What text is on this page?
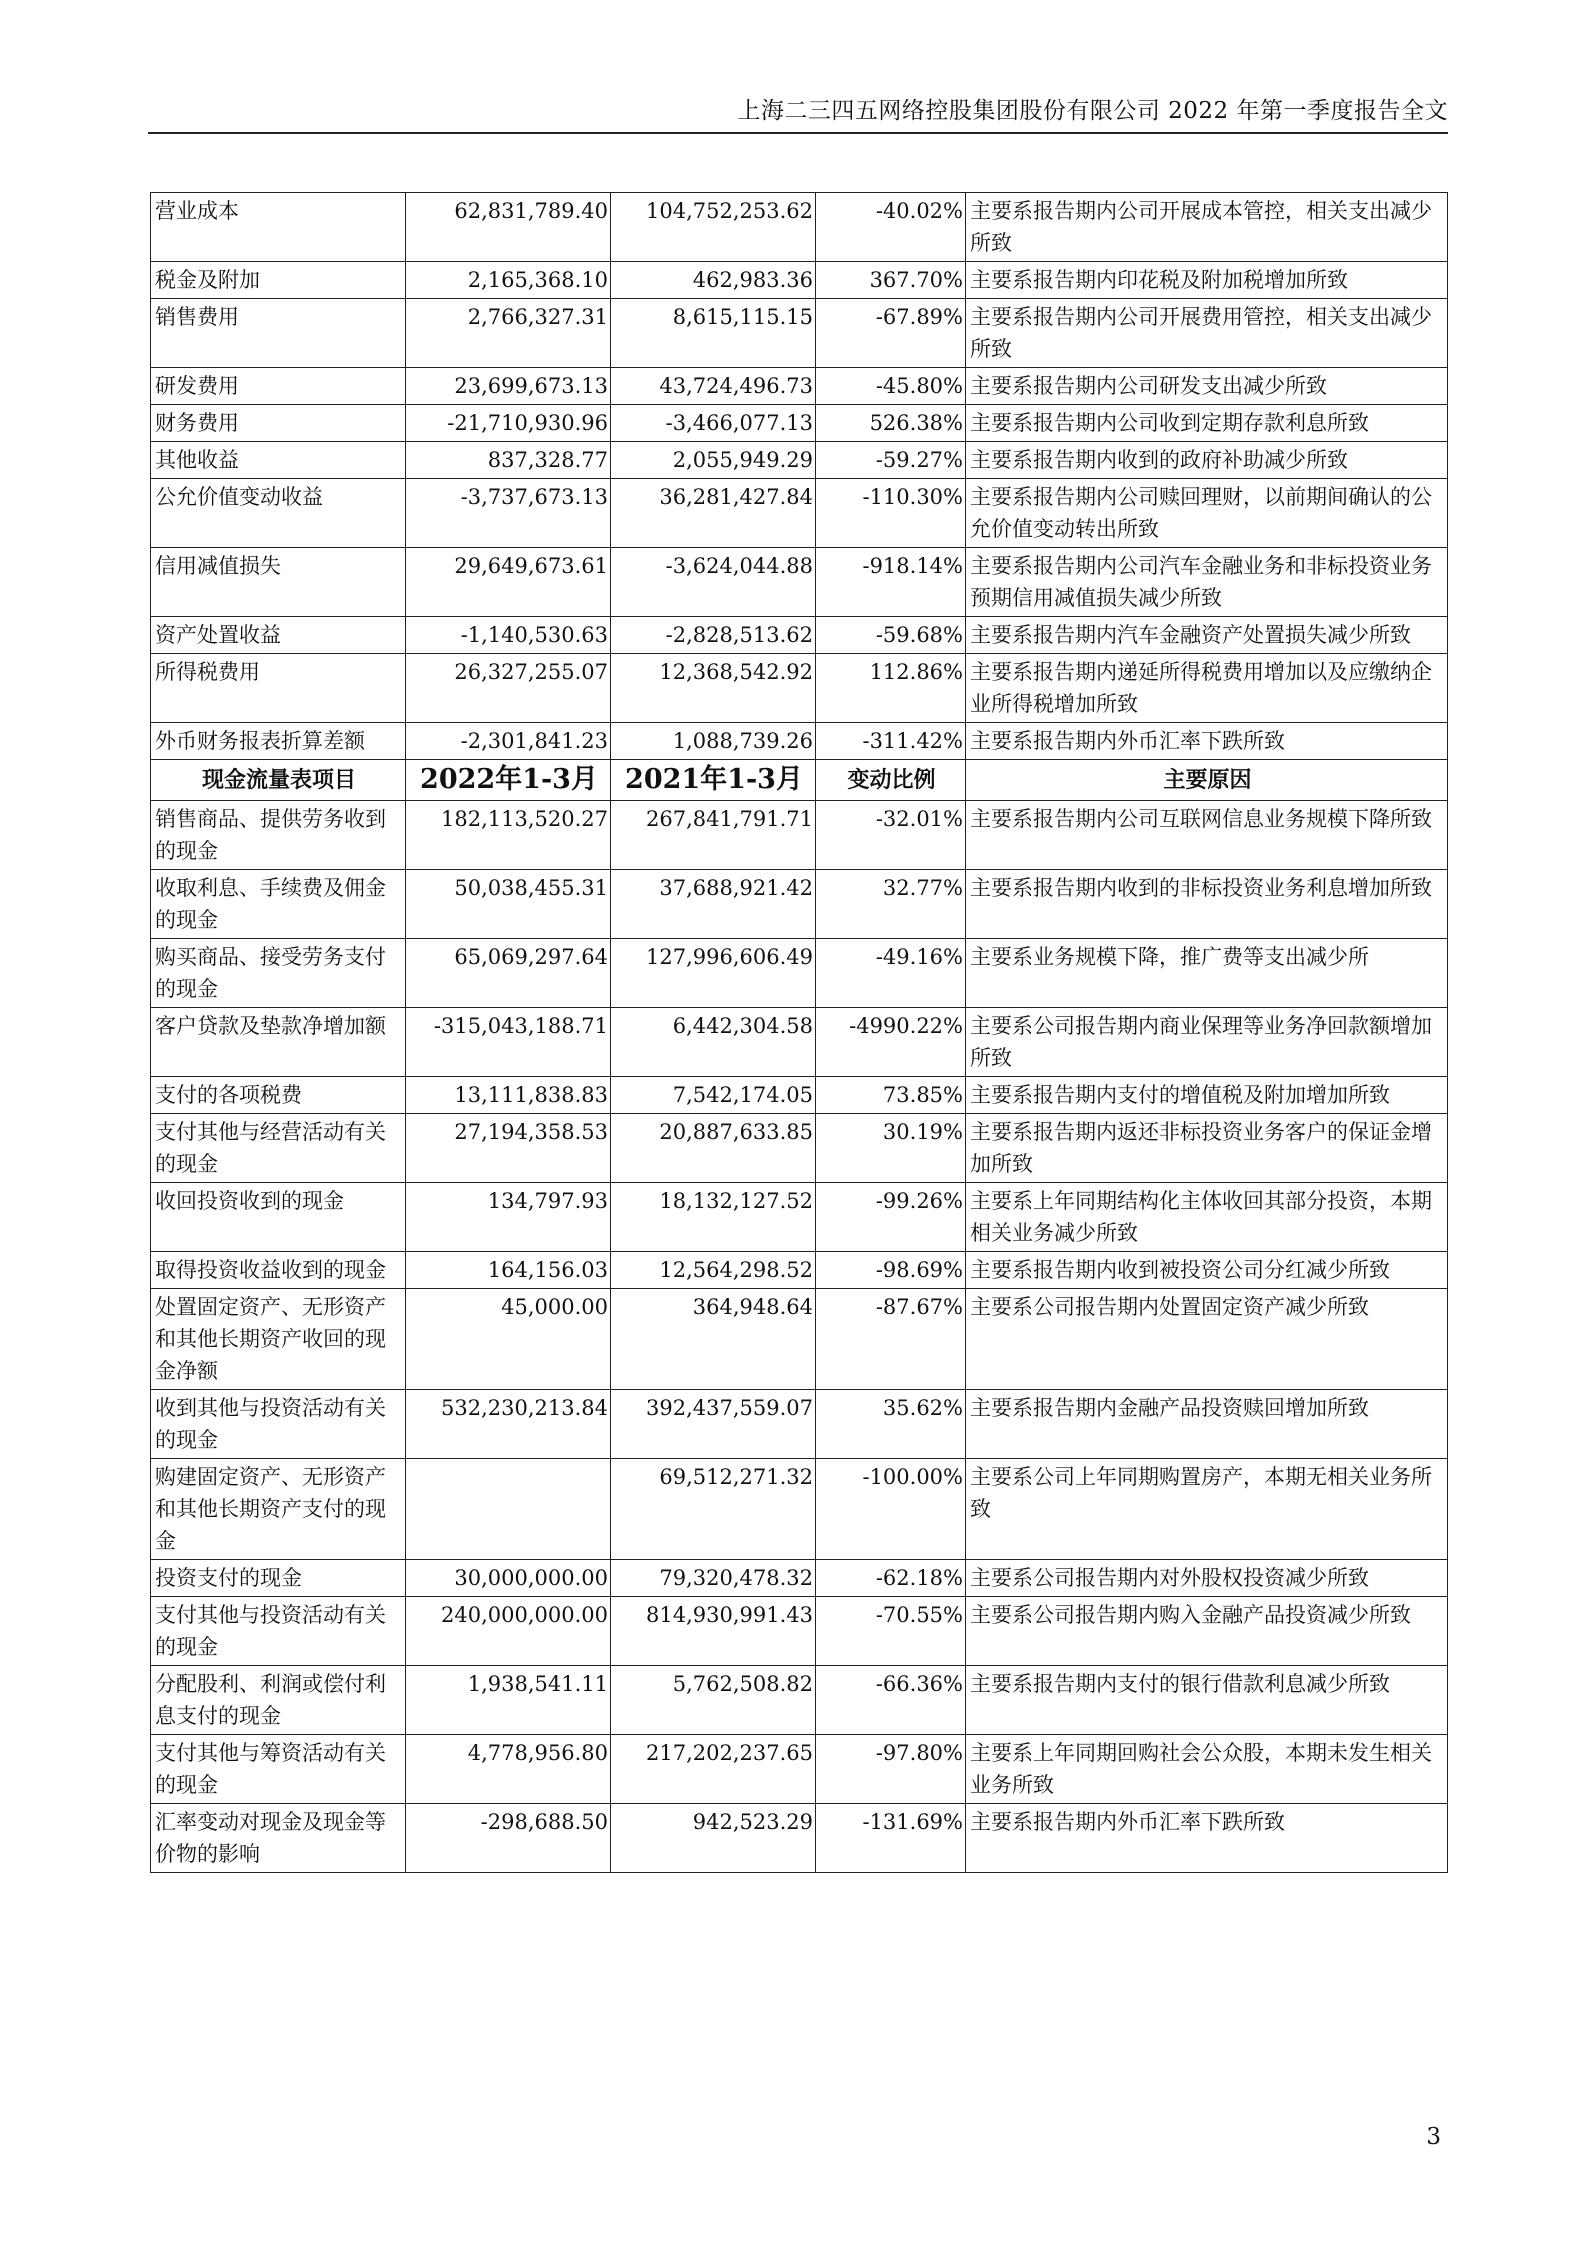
上海二三四五网络控股集团股份有限公司 2022 年第一季度报告全文
营业成本	62,831,789.40	104,752,253.62	-40.02%	主要系报告期内公司开展成本管控，相关支出减少所致
税金及附加	2,165,368.10	462,983.36	367.70%	主要系报告期内印花税及附加税增加所致
销售费用	2,766,327.31	8,615,115.15	-67.89%	主要系报告期内公司开展费用管控，相关支出减少所致
研发费用	23,699,673.13	43,724,496.73	-45.80%	主要系报告期内公司研发支出减少所致
财务费用	-21,710,930.96	-3,466,077.13	526.38%	主要系报告期内公司收到定期存款利息所致
其他收益	837,328.77	2,055,949.29	-59.27%	主要系报告期内收到的政府补助减少所致
公允价值变动收益	-3,737,673.13	36,281,427.84	-110.30%	主要系报告期内公司赎回理财，以前期间确认的公允价值变动转出所致
信用减值损失	29,649,673.61	-3,624,044.88	-918.14%	主要系报告期内公司汽车金融业务和非标投资业务预期信用减值损失减少所致
资产处置收益	-1,140,530.63	-2,828,513.62	-59.68%	主要系报告期内汽车金融资产处置损失减少所致
所得税费用	26,327,255.07	12,368,542.92	112.86%	主要系报告期内递延所得税费用增加以及应缴纳企业所得税增加所致
外币财务报表折算差额	-2,301,841.23	1,088,739.26	-311.42%	主要系报告期内外币汇率下跌所致
现金流量表项目	2022年1-3月	2021年1-3月	变动比例	主要原因
销售商品、提供劳务收到的现金	182,113,520.27	267,841,791.71	-32.01%	主要系报告期内公司互联网信息业务规模下降所致
收取利息、手续费及佣金的现金	50,038,455.31	37,688,921.42	32.77%	主要系报告期内收到的非标投资业务利息增加所致
购买商品、接受劳务支付的现金	65,069,297.64	127,996,606.49	-49.16%	主要系业务规模下降，推广费等支出减少所
客户贷款及垫款净增加额	-315,043,188.71	6,442,304.58	-4990.22%	主要系公司报告期内商业保理等业务净回款额增加所致
支付的各项税费	13,111,838.83	7,542,174.05	73.85%	主要系报告期内支付的增值税及附加增加所致
支付其他与经营活动有关的现金	27,194,358.53	20,887,633.85	30.19%	主要系报告期内返还非标投资业务客户的保证金增加所致
收回投资收到的现金	134,797.93	18,132,127.52	-99.26%	主要系上年同期结构化主体收回其部分投资，本期相关业务减少所致
取得投资收益收到的现金	164,156.03	12,564,298.52	-98.69%	主要系报告期内收到被投资公司分红减少所致
处置固定资产、无形资产和其他长期资产收回的现金净额	45,000.00	364,948.64	-87.67%	主要系公司报告期内处置固定资产减少所致
收到其他与投资活动有关的现金	532,230,213.84	392,437,559.07	35.62%	主要系报告期内金融产品投资赎回增加所致
购建固定资产、无形资产和其他长期资产支付的现金		69,512,271.32	-100.00%	主要系公司上年同期购置房产，本期无相关业务所致
投资支付的现金	30,000,000.00	79,320,478.32	-62.18%	主要系公司报告期内对外股权投资减少所致
支付其他与投资活动有关的现金	240,000,000.00	814,930,991.43	-70.55%	主要系公司报告期内购入金融产品投资减少所致
分配股利、利润或偿付利息支付的现金	1,938,541.11	5,762,508.82	-66.36%	主要系报告期内支付的银行借款利息减少所致
支付其他与筹资活动有关的现金	4,778,956.80	217,202,237.65	-97.80%	主要系上年同期回购社会公众股，本期未发生相关业务所致
汇率变动对现金及现金等价物的影响	-298,688.50	942,523.29	-131.69%	主要系报告期内外币汇率下跌所致
3
